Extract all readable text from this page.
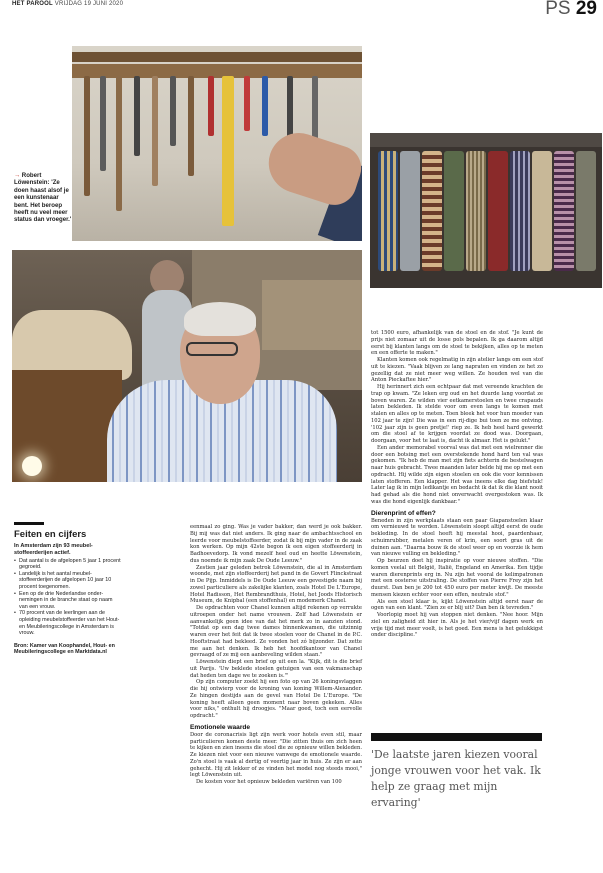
HET PAROOL VRIJDAG 19 JUNI 2020	PS 29
→ Robert Löwenstein: 'Ze doen haast alsof je een kunstenaar bent. Het beroep heeft nu veel meer status dan vroeger.'
Feiten en cijfers
In Amsterdam zijn 93 meubel-stoffeerderijen actief.
• Dat aantal is de afgelopen 5 jaar 1 procent gegroeid.
• Landelijk is het aantal meubel-stoffeerderijen de afgelopen 10 jaar 10 procent toegenomen.
• Een op de drie Nederlandse onder-nemingen in de branche staat op naam van een vrouw.
• 70 procent van de leerlingen aan de opleiding meubelstoffeerder van het Hout- en Meubileringscollege in Amsterdam is vrouw.
Bron: Kamer van Koophandel, Hout- en Meubileringscollege en Marktdata.nl

eenmaal zo ging. Was je vader bakker, dan werd je ook bakker. Bij mij was dat niet anders. Ik ging naar de ambachtsschool en leerde voor meubelstoffeerder, zodat ik bij mijn vader in de zaak kon werken. Op mijn 42ste begon ik een eigen stoffeerderij in Badhoevedorp. Ik vond mezelf heel oud en heette Löwenstein, dus noemde ik mijn zaak De Oude Leeuw."

Zestien jaar geleden betrok Löwenstein, die al in Amsterdam woonde, met zijn stoffeerderij het pand in de Govert Flinckstraat in De Pijp. Inmiddels is De Oude Leeuw een gevestigde naam bij zowel particuliere als zakelijke klanten, zoals Hotel De L'Europe, Hotel Radisson, Het Rembrandthuis, Hotel, het Joods Historisch Museum, de Knipbal (een stoffenhal) en modemerk Chanel.

De opdrachten voor Chanel kunnen altijd rekenen op verrukte uitroepen onder het name vrouwen. Zelf had Löwenstein er aanvankelijk geen idee van dat het merk zo in aanzien stond. "Totdat op een dag twee dames binnenkwamen, die uitzinnig waren over het feit dat ik twee stoelen voor de Chanel in de P.C. Hooftstraat had bekleed. Ze vonden het zó bijzonder. Dat zette me aan het denken. Ik heb het hoofdkantoor van Chanel gevraagd of ze mij een aanbeveling wilden staan."

Löwenstein diept een brief op uit een la. "Kijk, dit is die brief uit Parijs. 'Uw beklede stoelen getuigen van een vakmanschap dat heden ten dage we te zoeken is.'"

Op zijn computer zoekt hij een foto op van 26 koningsvlaggen die hij ontwierp voor de kroning van koning Willem-Alexander. Ze hingen destijds aan de gevel van Hotel De L'Europe. "De koning heeft alleen geen moment naar boven gekeken. Alles voor niks," onthult hij droogjes. "Maar goed, toch een eervolle opdracht."

Emotionele waarde

Door de coronacrisis ligt zijn werk voor hotels even stil, maar particulieren komen deste meer. "Die zitten thuis om zich heen te kijken en zien ineens die stoel die ze opnieuw willen bekleden. Ze kiezen niet voor een nieuwe vanwege de emotionele waarde. Zo'n stoel is vaak al dertig of veertig jaar in huis. Ze zijn er aan gehecht. Hij zit lekker of ze vinden het model nog steeds mooi," legt Löwenstein uit.

De kosten voor het opnieuw bekleden variëren van 100

tot 1500 euro, afhankelijk van de stoel en de stof. "Je kunt de prijs niet zomaar uit de losse pols bepalen. Ik ga daarom altijd eerst bij klanten langs om de stoel te bekijken, alles op te meten en een offerte te maken."

Klanten komen ook regelmatig in zijn atelier langs om een stof uit te kiezen. "Vaak blijven ze lang napraten en vinden ze het zo gezellig dat ze niet meer weg willen. Ze houden wel van die Anton Pieckaftee hier."

Hij herinnert zich een echtpaar dat met vereende krachten de trap op kwam. "Ze leken erg oud en het duurde lang voordat ze boven waren. Ze wilden vier eetkamerstoelen en twee crapauds laten bekleden. Ik stelde voor om even langs te komen met stalen en alles op te meten. Toen bleek het voor hun moeder van 102 jaar te zijn! Die was in een rij-dige bui toen ze me ontving. '102 jaar zijn is geen pretje!' riep ze. Ik heb heel hard gewerkt om die stoel af te krijgen voordat ze dood was. Doorgaan, doorgaan, voor het te laat is, dacht ik almaar. Het is gelukt."

Een ander memorabel voorval was dat met een wielrenner die door een botsing met een overstekende hond hard ten val was gekomen. "Ik heb de man met zijn fiets achterin de bestelwagen naar huis gebracht. Twee maanden later belde hij me op met een opdracht. Hij wilde zijn eigen stoelen en ook die voor kennissen laten stofferen. Een klapper. Het was ineens elke dag biefstuk! Later lag ik in mijn ledikantje en bedacht ik dat ik die klant nooit had gehad als die hond niet onverwacht overgestoken was. Ik was die hond eigenlijk dankbaar."

Dierenprint of effen?

Beneden in zijn werkplaats staan een paar Giapanstoelen klaar om vernieuwd te worden. Löwenstein sloopt altijd eerst de oude bekleding. In de stoel heeft hij meestal hooi, paardenhaar, schuimrubber, metalen veren of krin, een soort gras uit de duinen aan. "Daarna bouw ik de stoel weer op en voorzie ik hem van nieuwe vulling en bekleding."

Op beurzen doet hij inspiratie op voor nieuwe stoffen. "Die komen veelal uit België, Italië, Engeland en Amerika. Een tijdje waren dierenprints erg in. Nu zijn het vooral de kelimpatronen met een oosterse uitstraling. De stoffen van Pierre Frey zijn het duurst. Dan ben je 200 tot 450 euro per meter kwijt. De meeste mensen kiezen echter voor een effen, neutrale stof."

Als een stoel klaar is, kijkt Löwenstein altijd eerst naar de ogen van een klant. "Zien ze er blij uit? Dan ben ik tevreden."

Voorlopig moet hij van stoppen niet denken. "Nee hoor. Mijn ziel en zaligheid zit hier in. Als je het vier/vijf dagen werk en vrije tijd met meer voelt, is het goed. Een mens is het gelukkigst onder discipline."

'De laatste jaren kiezen vooral jonge vrouwen voor het vak. Ik help ze graag met mijn ervaring'
